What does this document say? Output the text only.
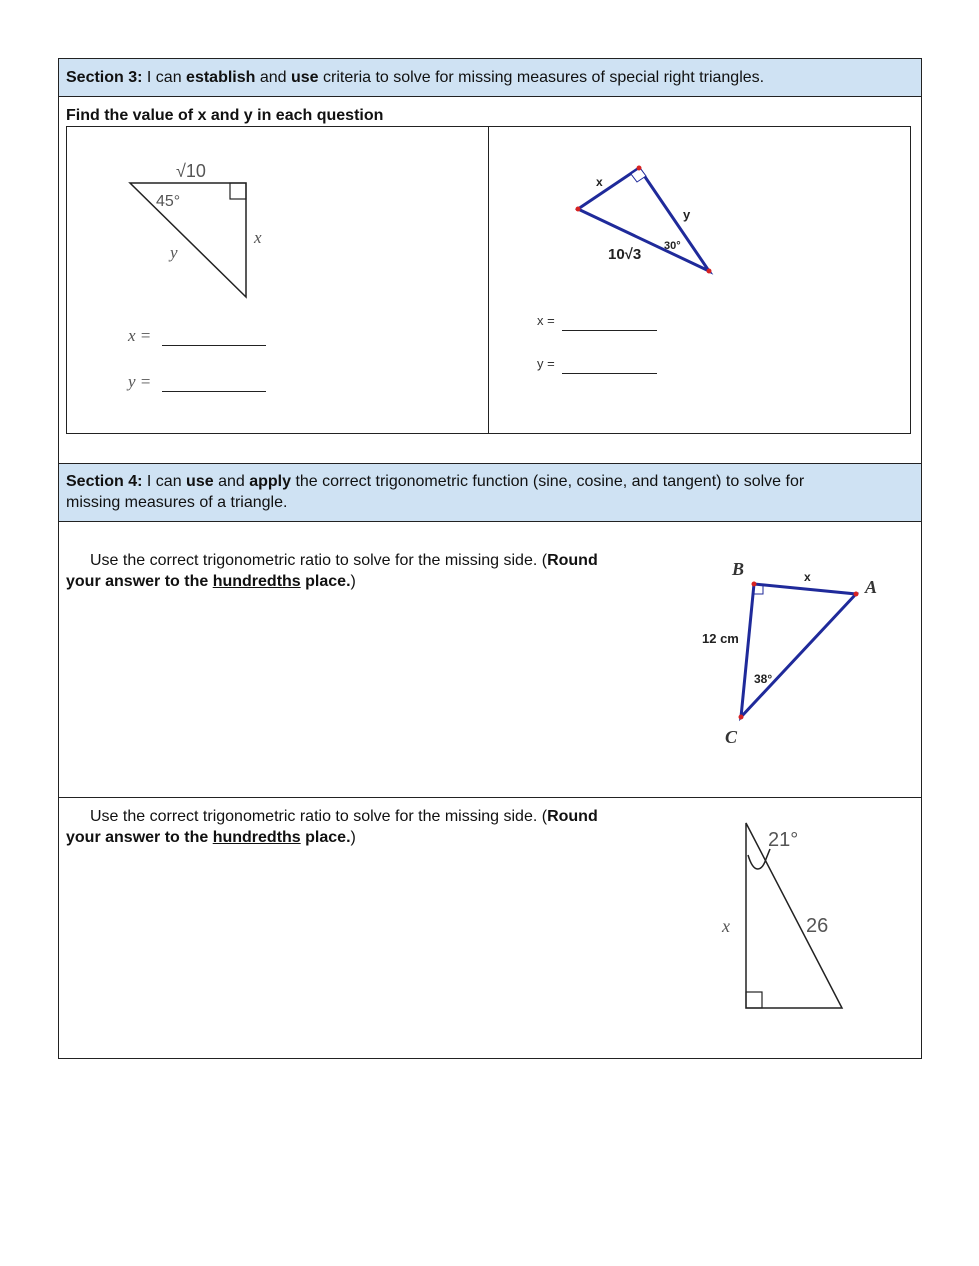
Section 3: I can establish and use criteria to solve for missing measures of special right triangles.
Find the value of x and y in each question
√10
45°
y
x
x =
y =
x
y
10√3 30°
x =
y =
Section 4: I can use and apply the correct trigonometric function (sine, cosine, and tangent) to solve for
missing measures of a triangle.
Use the correct trigonometric ratio to solve for the missing side. (Round
your answer to the hundredths place.)
B
A
C
x
12 cm
38°
Use the correct trigonometric ratio to solve for the missing side. (Round
your answer to the hundredths place.)	21°
x	26
